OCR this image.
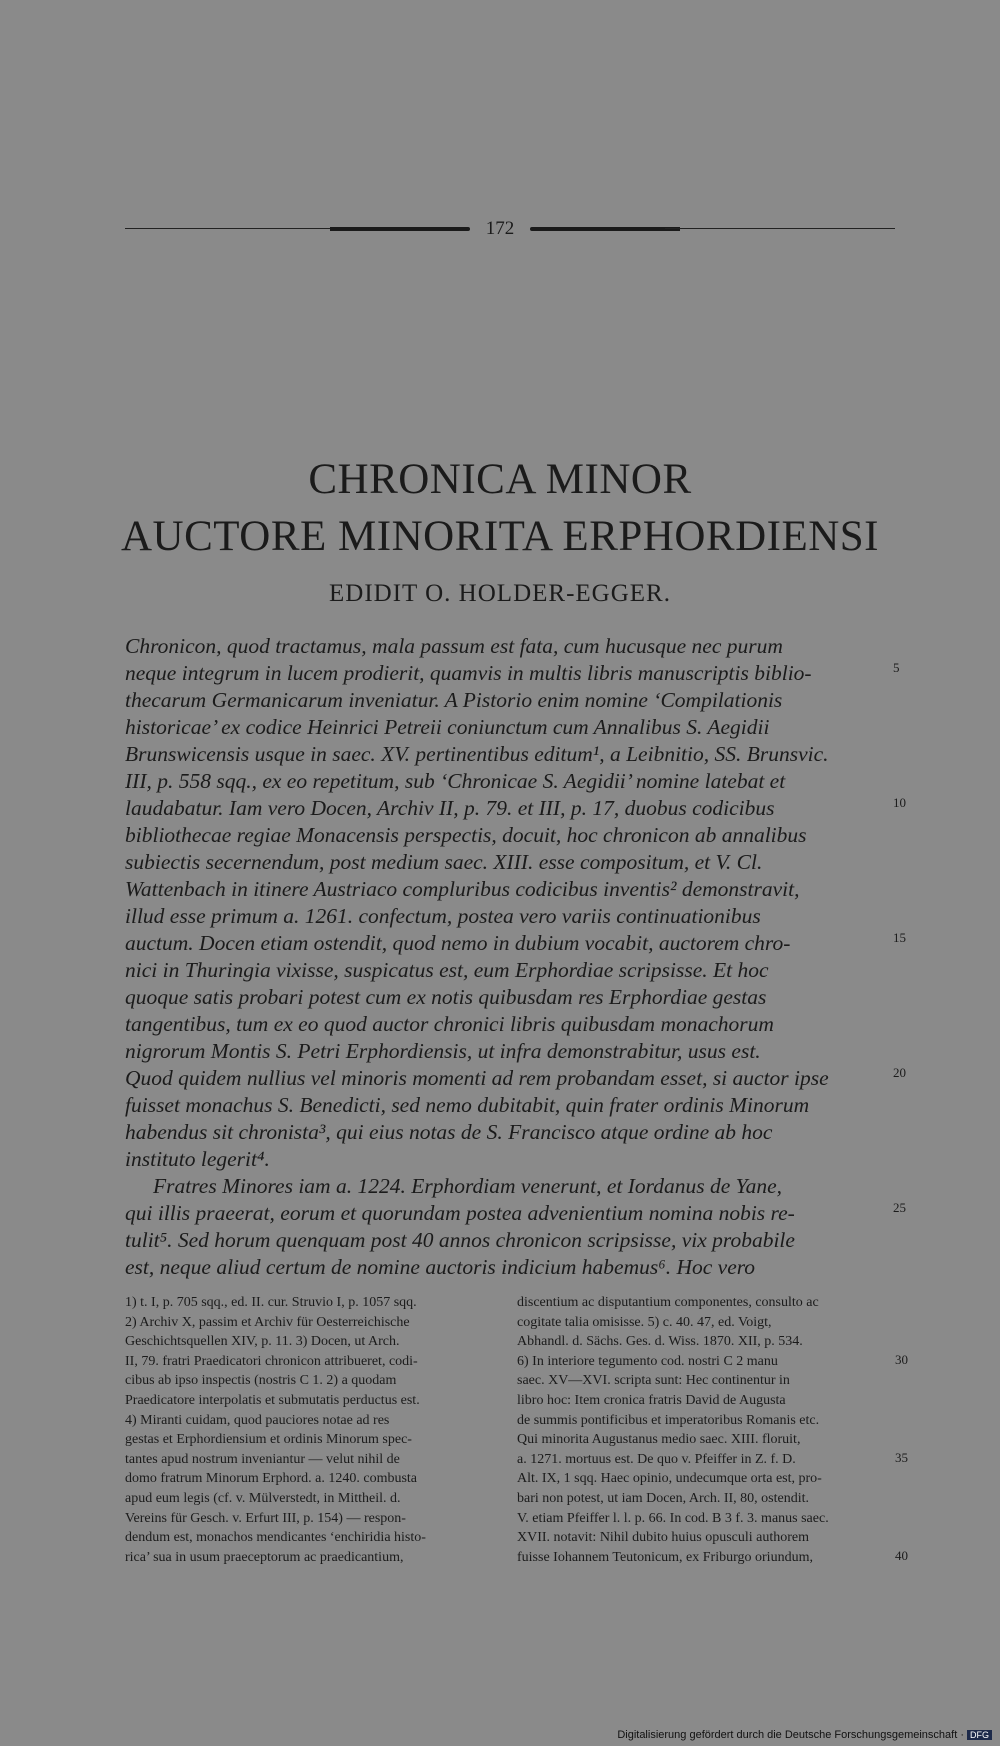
172
CHRONICA MINOR
AUCTORE MINORITA ERPHORDIENSI
EDIDIT O. HOLDER-EGGER.
Chronicon, quod tractamus, mala passum est fata, cum hucusque nec purum
neque integrum in lucem prodierit, quamvis in multis libris manuscriptis biblio-
thecarum Germanicarum inveniatur. A Pistorio enim nomine ‘Compilationis
historicae’ ex codice Heinrici Petreii coniunctum cum Annalibus S. Aegidii
Brunswicensis usque in saec. XV. pertinentibus editum¹, a Leibnitio, SS. Brunsvic.
III, p. 558 sqq., ex eo repetitum, sub ‘Chronicae S. Aegidii’ nomine latebat et
laudabatur. Iam vero Docen, Archiv II, p. 79. et III, p. 17, duobus codicibus
bibliothecae regiae Monacensis perspectis, docuit, hoc chronicon ab annalibus
subiectis secernendum, post medium saec. XIII. esse compositum, et V. Cl.
Wattenbach in itinere Austriaco compluribus codicibus inventis² demonstravit,
illud esse primum a. 1261. confectum, postea vero variis continuationibus
auctum. Docen etiam ostendit, quod nemo in dubium vocabit, auctorem chro-
nici in Thuringia vixisse, suspicatus est, eum Erphordiae scripsisse. Et hoc
quoque satis probari potest cum ex notis quibusdam res Erphordiae gestas
tangentibus, tum ex eo quod auctor chronici libris quibusdam monachorum
nigrorum Montis S. Petri Erphordiensis, ut infra demonstrabitur, usus est.
Quod quidem nullius vel minoris momenti ad rem probandam esset, si auctor ipse
fuisset monachus S. Benedicti, sed nemo dubitabit, quin frater ordinis Minorum
habendus sit chronista³, qui eius notas de S. Francisco atque ordine ab hoc
instituto legerit⁴.
Fratres Minores iam a. 1224. Erphordiam venerunt, et Iordanus de Yane,
qui illis praeerat, eorum et quorundam postea advenientium nomina nobis re-
tulit⁵. Sed horum quenquam post 40 annos chronicon scripsisse, vix probabile
est, neque aliud certum de nomine auctoris indicium habemus⁶. Hoc vero
5
10
15
20
25
1) t. I, p. 705 sqq., ed. II. cur. Struvio I, p. 1057 sqq.
2) Archiv X, passim et Archiv für Oesterreichische
Geschichtsquellen XIV, p. 11. 3) Docen, ut Arch.
II, 79. fratri Praedicatori chronicon attribueret, codi-
cibus ab ipso inspectis (nostris C 1. 2) a quodam
Praedicatore interpolatis et submutatis perductus est.
4) Miranti cuidam, quod pauciores notae ad res
gestas et Erphordiensium et ordinis Minorum spec-
tantes apud nostrum inveniantur — velut nihil de
domo fratrum Minorum Erphord. a. 1240. combusta
apud eum legis (cf. v. Mülverstedt, in Mittheil. d.
Vereins für Gesch. v. Erfurt III, p. 154) — respon-
dendum est, monachos mendicantes ‘enchiridia histo-
rica’ sua in usum praeceptorum ac praedicantium,
discentium ac disputantium componentes, consulto ac
cogitate talia omisisse. 5) c. 40. 47, ed. Voigt,
Abhandl. d. Sächs. Ges. d. Wiss. 1870. XII, p. 534.
6) In interiore tegumento cod. nostri C 2 manu
saec. XV—XVI. scripta sunt: Hec continentur in
libro hoc: Item cronica fratris David de Augusta
de summis pontificibus et imperatoribus Romanis etc.
Qui minorita Augustanus medio saec. XIII. floruit,
a. 1271. mortuus est. De quo v. Pfeiffer in Z. f. D.
Alt. IX, 1 sqq. Haec opinio, undecumque orta est, pro-
bari non potest, ut iam Docen, Arch. II, 80, ostendit.
V. etiam Pfeiffer l. l. p. 66. In cod. B 3 f. 3. manus saec.
XVII. notavit: Nihil dubito huius opusculi authorem
fuisse Iohannem Teutonicum, ex Friburgo oriundum,
30
35
40
Digitalisierung gefördert durch die Deutsche Forschungsgemeinschaft · DFG
